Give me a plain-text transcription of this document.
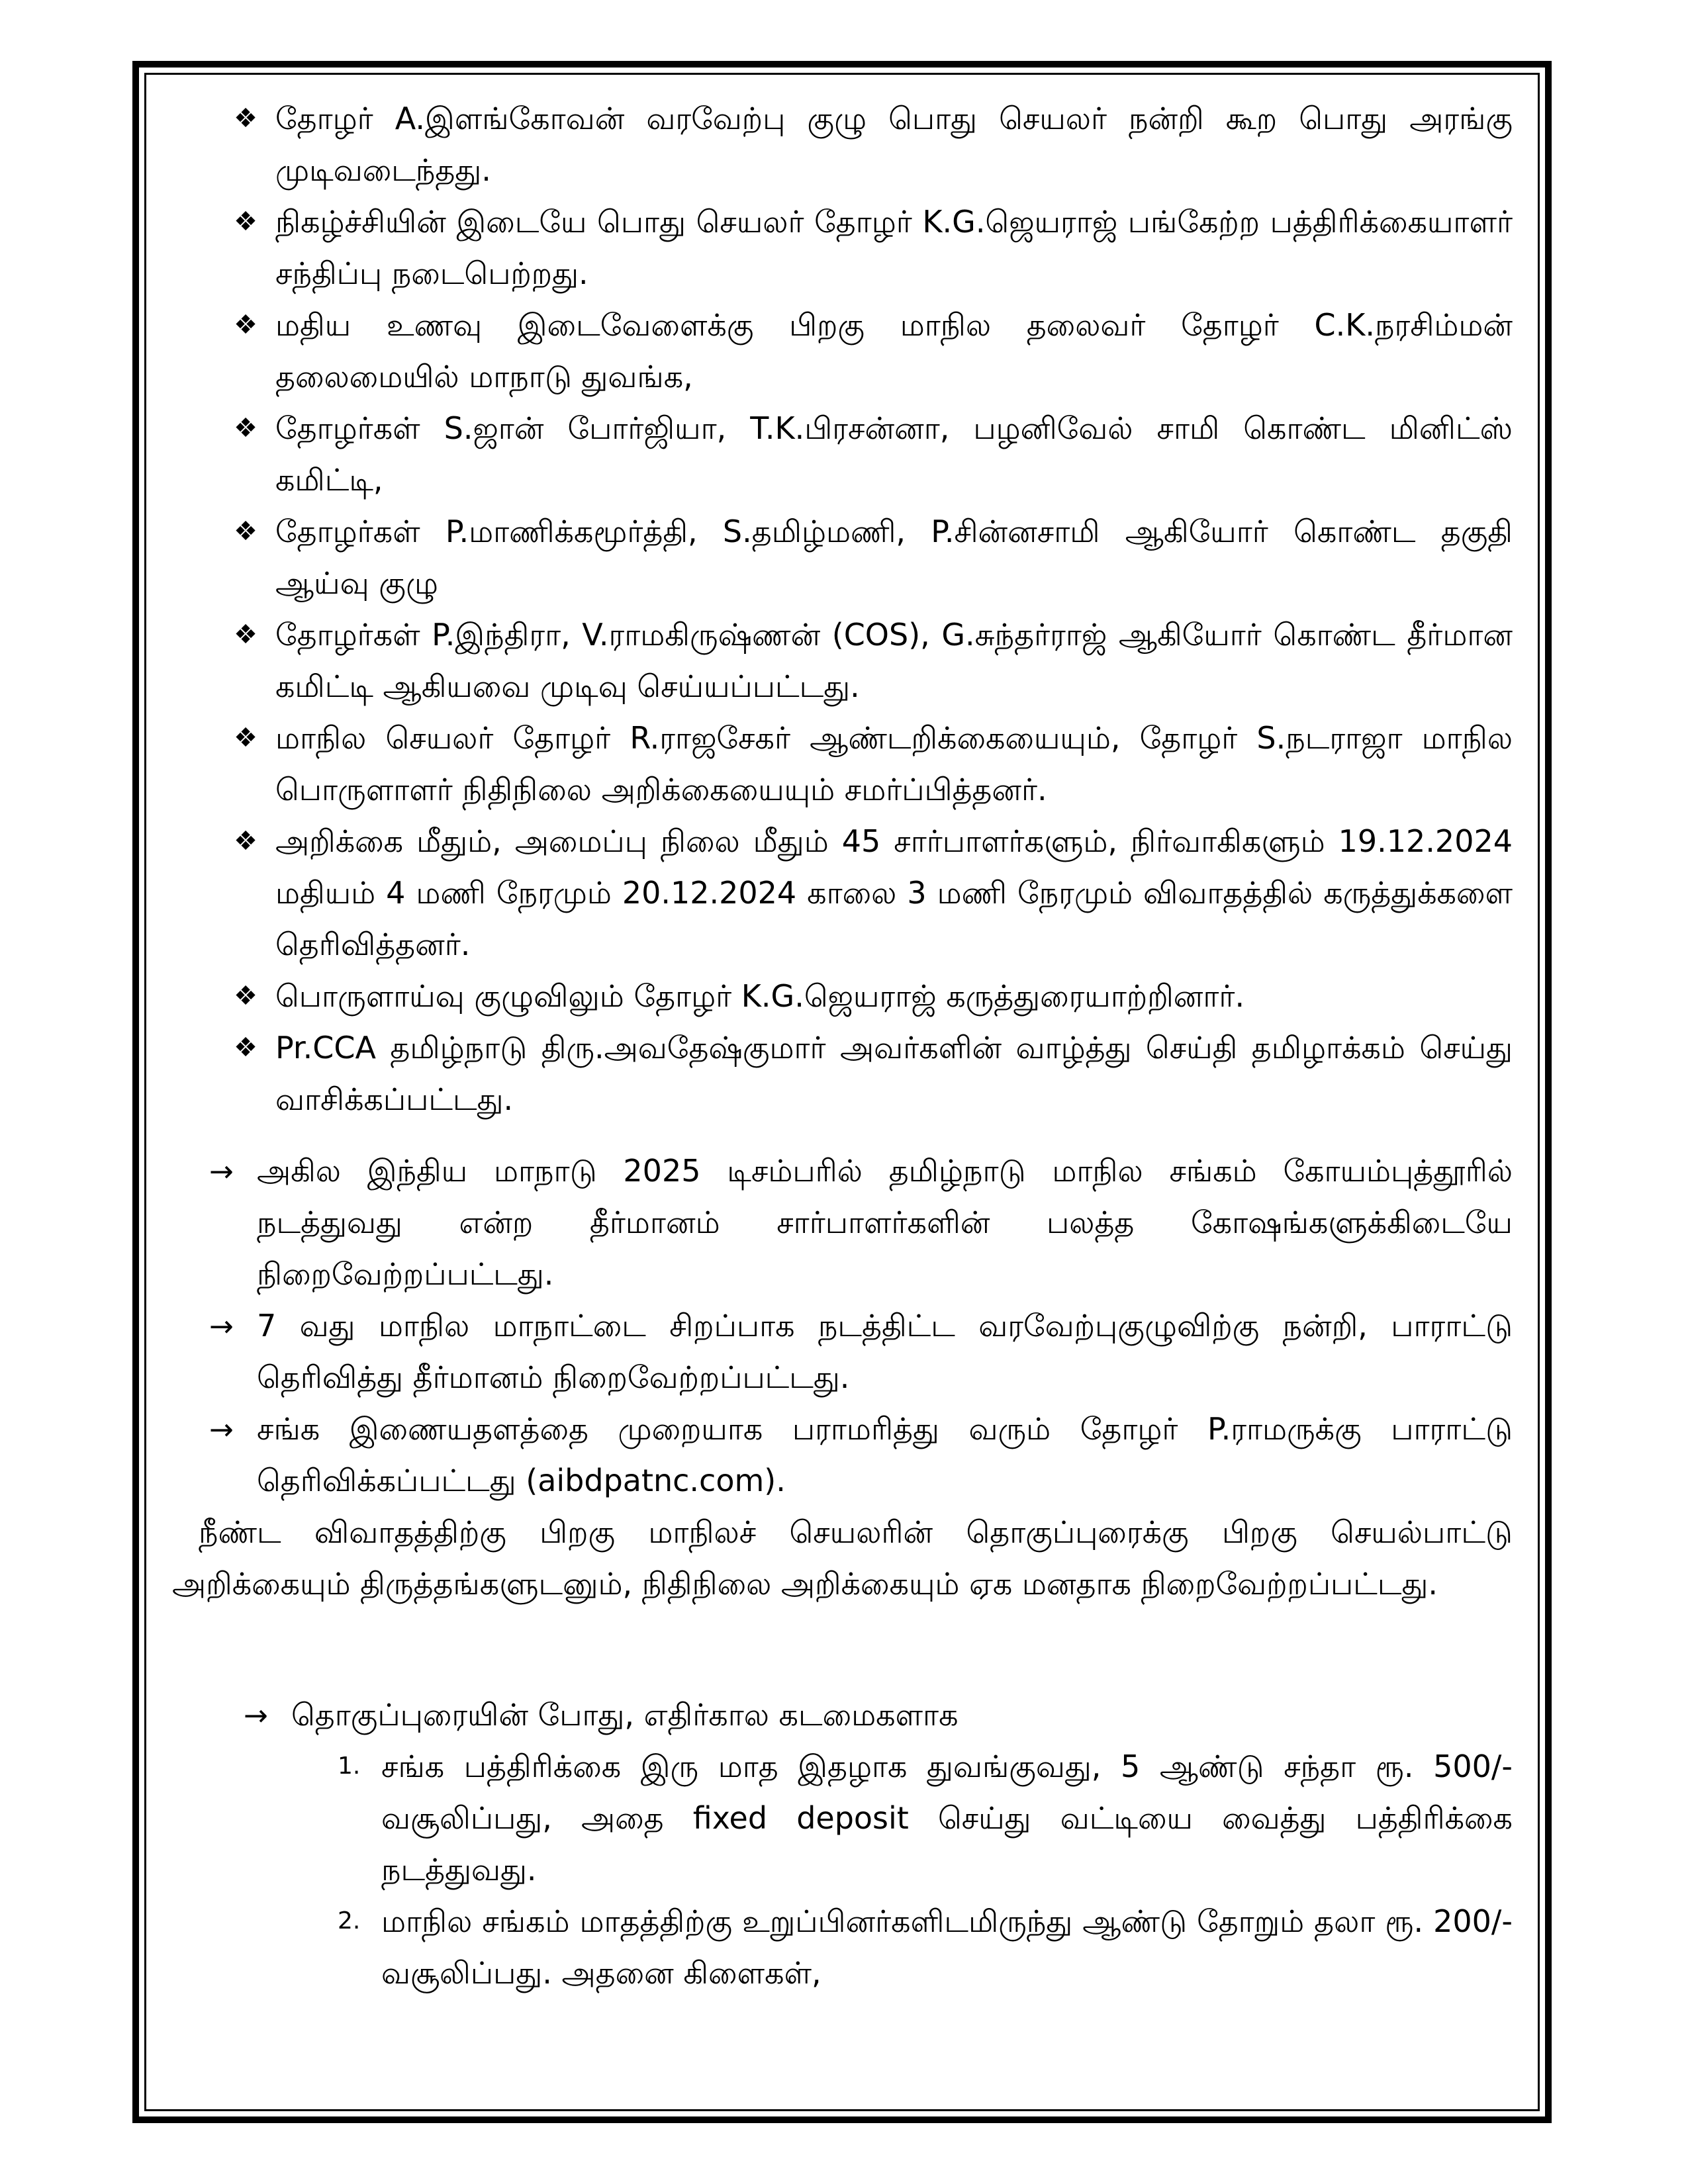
❖ தோழர் A.இளங்கோவன் வரவேற்பு குழு பொது செயலர் நன்றி கூற பொது அரங்கு முடிவடைந்தது.

❖ நிகழ்ச்சியின் இடையே பொது செயலர் தோழர் K.G.ஜெயராஜ் பங்கேற்ற பத்திரிக்கையாளர் சந்திப்பு நடைபெற்றது.

❖ மதிய உணவு இடைவேளைக்கு பிறகு மாநில தலைவர் தோழர் C.K.நரசிம்மன் தலைமையில் மாநாடு துவங்க,

❖ தோழர்கள் S.ஜான் போர்ஜியா, T.K.பிரசன்னா, பழனிவேல் சாமி கொண்ட மினிட்ஸ் கமிட்டி,

❖ தோழர்கள் P.மாணிக்கமூர்த்தி, S.தமிழ்மணி, P.சின்னசாமி ஆகியோர் கொண்ட தகுதி ஆய்வு குழு

❖ தோழர்கள் P.இந்திரா, V.ராமகிருஷ்ணன் (COS), G.சுந்தர்ராஜ் ஆகியோர் கொண்ட தீர்மான கமிட்டி ஆகியவை முடிவு செய்யப்பட்டது.

❖ மாநில செயலர் தோழர் R.ராஜசேகர் ஆண்டறிக்கையையும், தோழர் S.நடராஜா மாநில பொருளாளர் நிதிநிலை அறிக்கையையும் சமர்ப்பித்தனர்.

❖ அறிக்கை மீதும், அமைப்பு நிலை மீதும் 45 சார்பாளர்களும், நிர்வாகிகளும் 19.12.2024 மதியம் 4 மணி நேரமும் 20.12.2024 காலை 3 மணி நேரமும் விவாதத்தில் கருத்துக்களை தெரிவித்தனர்.

❖ பொருளாய்வு குழுவிலும் தோழர் K.G.ஜெயராஜ் கருத்துரையாற்றினார்.

❖ Pr.CCA தமிழ்நாடு திரு.அவதேஷ்குமார் அவர்களின் வாழ்த்து செய்தி தமிழாக்கம் செய்து வாசிக்கப்பட்டது.

→ அகில இந்திய மாநாடு 2025 டிசம்பரில் தமிழ்நாடு மாநில சங்கம் கோயம்புத்தூரில் நடத்துவது என்ற தீர்மானம் சார்பாளர்களின் பலத்த கோஷங்களுக்கிடையே நிறைவேற்றப்பட்டது.

→ 7 வது மாநில மாநாட்டை சிறப்பாக நடத்திட்ட வரவேற்புகுழுவிற்கு நன்றி, பாராட்டு தெரிவித்து தீர்மானம் நிறைவேற்றப்பட்டது.

→ சங்க இணையதளத்தை முறையாக பராமரித்து வரும் தோழர் P.ராமருக்கு பாராட்டு தெரிவிக்கப்பட்டது (aibdpatnc.com).

நீண்ட விவாதத்திற்கு பிறகு மாநிலச் செயலரின் தொகுப்புரைக்கு பிறகு செயல்பாட்டு அறிக்கையும் திருத்தங்களுடனும், நிதிநிலை அறிக்கையும் ஏக மனதாக நிறைவேற்றப்பட்டது.

→ தொகுப்புரையின் போது, எதிர்கால கடமைகளாக
1. சங்க பத்திரிக்கை இரு மாத இதழாக துவங்குவது, 5 ஆண்டு சந்தா ரூ. 500/- வசூலிப்பது, அதை fixed deposit செய்து வட்டியை வைத்து பத்திரிக்கை நடத்துவது.

2. மாநில சங்கம் மாதத்திற்கு உறுப்பினர்களிடமிருந்து ஆண்டு தோறும் தலா ரூ. 200/- வசூலிப்பது. அதனை கிளைகள்,
